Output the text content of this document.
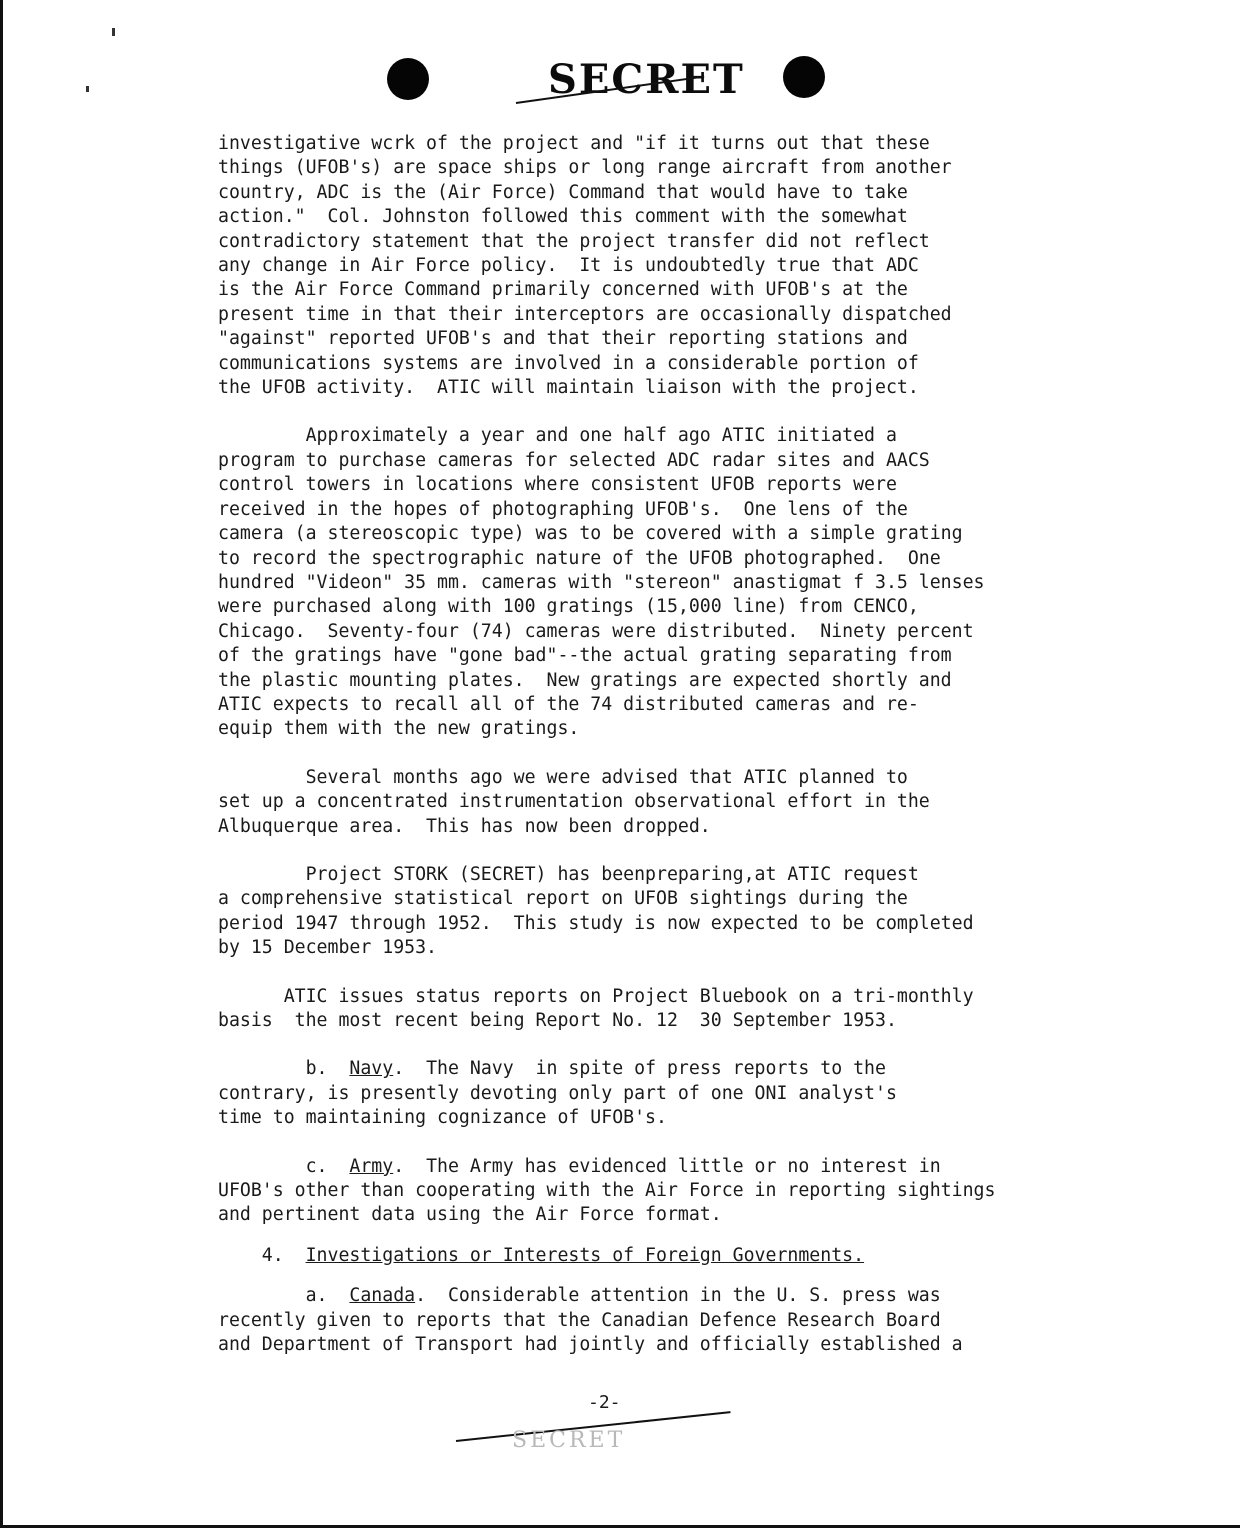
SECRET
investigative wcrk of the project and "if it turns out that these
things (UFOB's) are space ships or long range aircraft from another
country, ADC is the (Air Force) Command that would have to take
action."  Col. Johnston followed this comment with the somewhat
contradictory statement that the project transfer did not reflect
any change in Air Force policy.  It is undoubtedly true that ADC
is the Air Force Command primarily concerned with UFOB's at the
present time in that their interceptors are occasionally dispatched
"against" reported UFOB's and that their reporting stations and
communications systems are involved in a considerable portion of
the UFOB activity.  ATIC will maintain liaison with the project.
Approximately a year and one half ago ATIC initiated a
program to purchase cameras for selected ADC radar sites and AACS
control towers in locations where consistent UFOB reports were
received in the hopes of photographing UFOB's.  One lens of the
camera (a stereoscopic type) was to be covered with a simple grating
to record the spectrographic nature of the UFOB photographed.  One
hundred "Videon" 35 mm. cameras with "stereon" anastigmat f 3.5 lenses
were purchased along with 100 gratings (15,000 line) from CENCO,
Chicago.  Seventy-four (74) cameras were distributed.  Ninety percent
of the gratings have "gone bad"--the actual grating separating from
the plastic mounting plates.  New gratings are expected shortly and
ATIC expects to recall all of the 74 distributed cameras and re-
equip them with the new gratings.
Several months ago we were advised that ATIC planned to
set up a concentrated instrumentation observational effort in the
Albuquerque area.  This has now been dropped.
Project STORK (SECRET) has beenpreparing,at ATIC request
a comprehensive statistical report on UFOB sightings during the
period 1947 through 1952.  This study is now expected to be completed
by 15 December 1953.
ATIC issues status reports on Project Bluebook on a tri-monthly
basis  the most recent being Report No. 12  30 September 1953.
b.  Navy.  The Navy  in spite of press reports to the
contrary, is presently devoting only part of one ONI analyst's
time to maintaining cognizance of UFOB's.
c.  Army.  The Army has evidenced little or no interest in
UFOB's other than cooperating with the Air Force in reporting sightings
and pertinent data using the Air Force format.
4.  Investigations or Interests of Foreign Governments.
a.  Canada.  Considerable attention in the U. S. press was
recently given to reports that the Canadian Defence Research Board
and Department of Transport had jointly and officially established a
-2-
SECRET
